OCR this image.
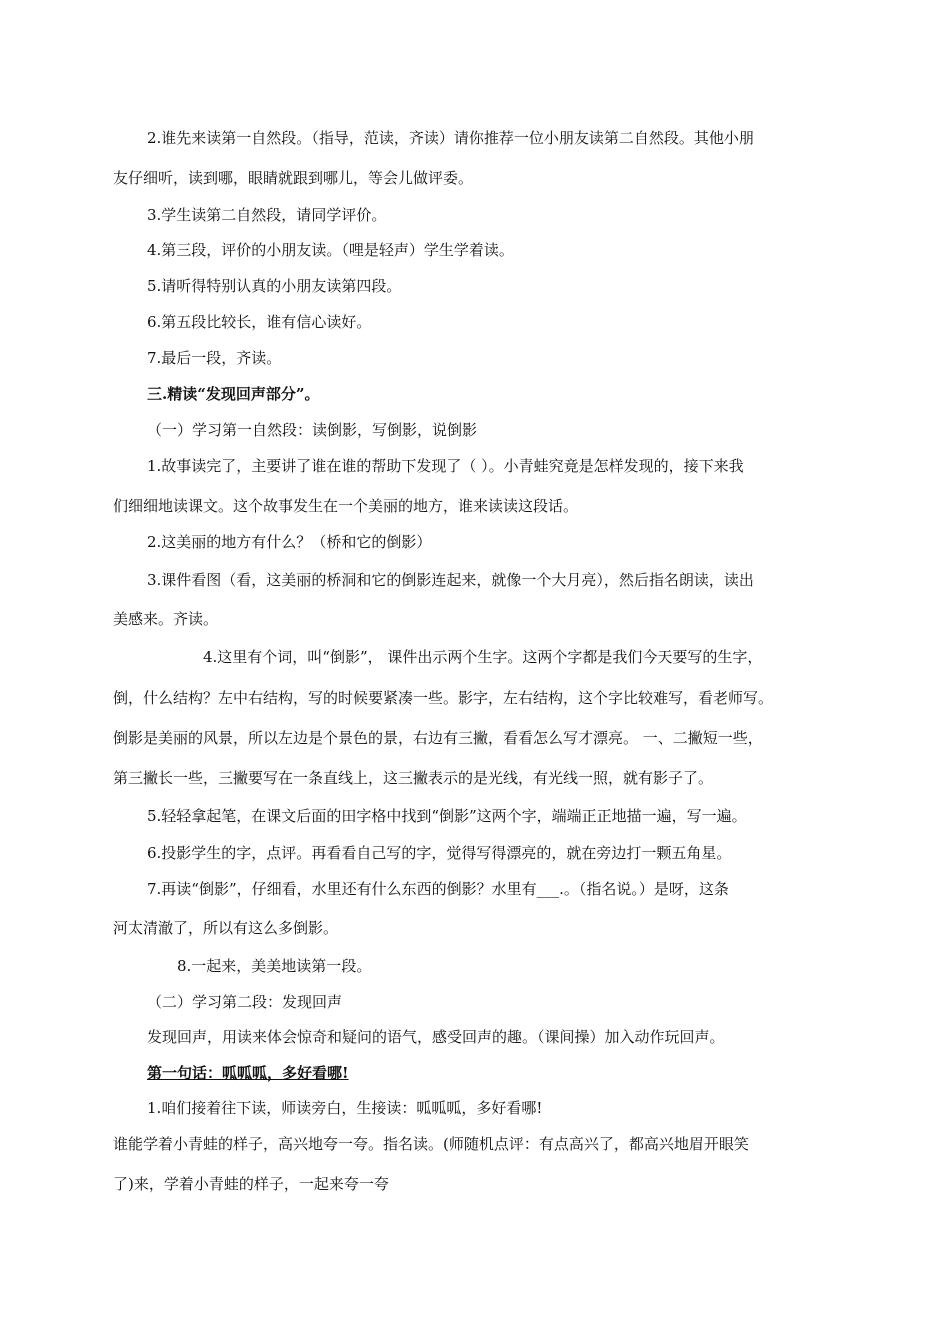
2.谁先来读第一自然段。（指导，范读，齐读）请你推荐一位小朋友读第二自然段。其他小朋
友仔细听，读到哪，眼睛就跟到哪儿，等会儿做评委。
3.学生读第二自然段，请同学评价。
4.第三段，评价的小朋友读。（哩是轻声）学生学着读。
5.请听得特别认真的小朋友读第四段。
6.第五段比较长，谁有信心读好。
7.最后一段，齐读。
三.精读“发现回声部分”。
（一）学习第一自然段：读倒影，写倒影，说倒影
1.故事读完了，主要讲了谁在谁的帮助下发现了（ ）。小青蛙究竟是怎样发现的，接下来我
们细细地读课文。这个故事发生在一个美丽的地方，谁来读读这段话。
2.这美丽的地方有什么？（桥和它的倒影）
3.课件看图（看，这美丽的桥洞和它的倒影连起来，就像一个大月亮），然后指名朗读，读出
美感来。齐读。
4.这里有个词，叫“倒影”， 课件出示两个生字。这两个字都是我们今天要写的生字，
倒，什么结构？左中右结构，写的时候要紧凑一些。影字，左右结构，这个字比较难写，看老师写。
倒影是美丽的风景，所以左边是个景色的景，右边有三撇，看看怎么写才漂亮。 一、二撇短一些，
第三撇长一些，三撇要写在一条直线上，这三撇表示的是光线，有光线一照，就有影子了。
5.轻轻拿起笔，在课文后面的田字格中找到“倒影”这两个字，端端正正地描一遍，写一遍。
6.投影学生的字，点评。再看看自己写的字，觉得写得漂亮的，就在旁边打一颗五角星。
7.再读“倒影”，仔细看，水里还有什么东西的倒影？水里有___.。（指名说。）是呀，这条
河太清澈了，所以有这么多倒影。
8.一起来，美美地读第一段。
（二）学习第二段：发现回声
发现回声，用读来体会惊奇和疑问的语气，感受回声的趣。（课间操）加入动作玩回声。
第一句话：呱呱呱，多好看哪!
1.咱们接着往下读，师读旁白，生接读：呱呱呱，多好看哪!
谁能学着小青蛙的样子，高兴地夸一夸。指名读。(师随机点评：有点高兴了，都高兴地眉开眼笑
了)来，学着小青蛙的样子，一起来夸一夸
